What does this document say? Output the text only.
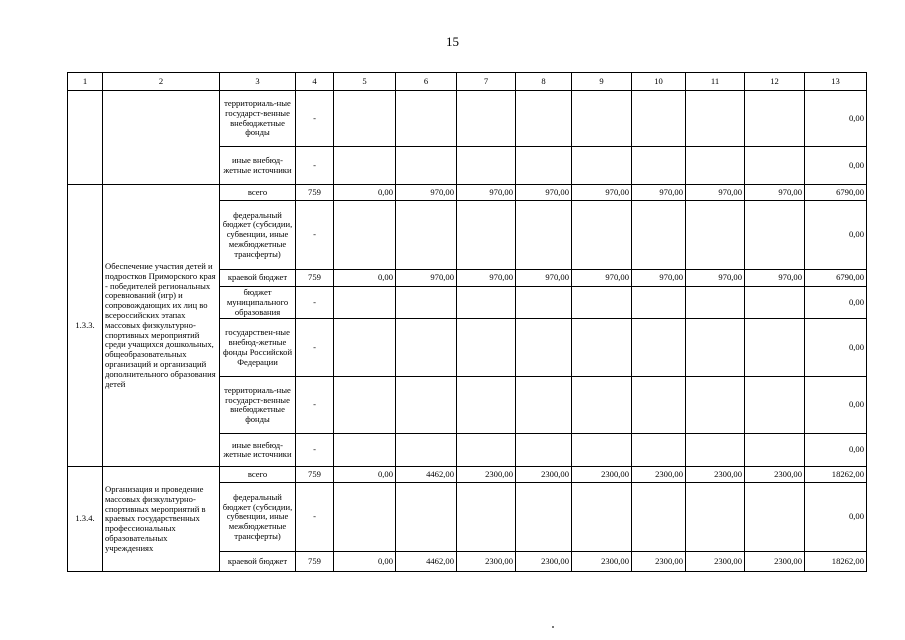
15
1	2	3	4	5	6	7	8	9	10	11	12	13
		территориаль-ные государст-венные внебюджетные фонды	-									0,00
		иные внебюд-жетные источники	-									0,00
1.3.3.	Обеспечение участия детей и подростков Приморского края - победителей региональных соревнований (игр) и сопровождающих их лиц во всероссийских этапах массовых физкультурно-спортивных мероприятий среди учащихся дошкольных, общеобразовательных организаций и организаций дополнительного образования детей	всего	759	0,00	970,00	970,00	970,00	970,00	970,00	970,00	970,00	6790,00
		федеральный бюджет (субсидии, субвенции, иные межбюджетные трансферты)	-									0,00
		краевой бюджет	759	0,00	970,00	970,00	970,00	970,00	970,00	970,00	970,00	6790,00
		бюджет муниципального образования	-									0,00
		государствен-ные внебюд-жетные фонды Российской Федерации	-									0,00
		территориаль-ные государст-венные внебюджетные фонды	-									0,00
		иные внебюд-жетные источники	-									0,00
1.3.4.	Организация и проведение массовых физкультурно-спортивных мероприятий в краевых государственных профессиональных образовательных учреждениях	всего	759	0,00	4462,00	2300,00	2300,00	2300,00	2300,00	2300,00	2300,00	18262,00
		федеральный бюджет (субсидии, субвенции, иные межбюджетные трансферты)	-									0,00
		краевой бюджет	759	0,00	4462,00	2300,00	2300,00	2300,00	2300,00	2300,00	2300,00	18262,00
